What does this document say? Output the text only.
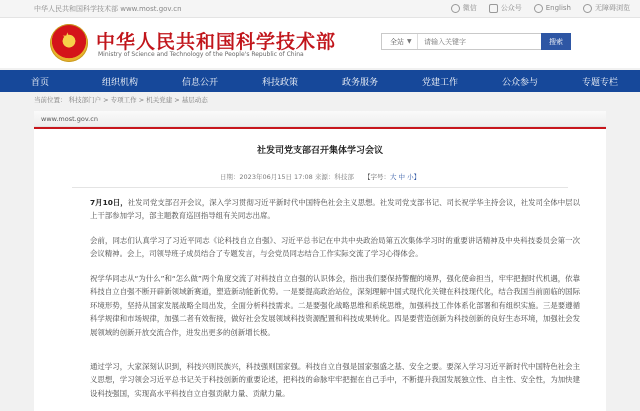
中华人民共和国科学技术部 www.most.gov.cn	微信	公众号	English	无障碍浏览
★
中华人民共和国科学技术部
Ministry of Science and Technology of the People's Republic of China
全站 ▼
请输入关键字	搜索
首页	组织机构	信息公开	科技政策	政务服务	党建工作	公众参与	专题专栏
当前位置： 科技部门户 > 专项工作 > 机关党建 > 基层动态
www.most.gov.cn
社发司党支部召开集体学习会议
日期：2023年06月15日 17:08 来源：科技部 【字号：大 中 小】
7月10日，社发司党支部召开会议，深入学习贯彻习近平新时代中国特色社会主义思想。社发司党支部书记、司长祝学华主持会议，社发司全体中层以上干部参加学习，部主题教育巡回指导组有关同志出席。
会前，同志们认真学习了习近平同志《论科技自立自强》、习近平总书记在中共中央政治局第五次集体学习时的重要讲话精神及中央科技委员会第一次会议精神。会上，司领导班子成员结合了专题发言，与会党员同志结合工作实际交流了学习心得体会。
祝学华同志从“为什么”和“怎么做”两个角度交流了对科技自立自强的认识体会，指出我们要保持警醒的境界，强化使命担当，牢牢把握时代机遇，依靠科技自立自强不断开辟新领域新赛道，塑造新动能新优势。一是要提高政治站位，深刻理解中国式现代化关键在科技现代化，结合我国当前面临的国际环境形势，坚持从国家发展战略全局出发，全面分析科技需求。二是要强化战略思维和系统思维，加强科技工作体系化部署和有组织实施。三是要遵循科学规律和市场规律，加强二者有效衔接，做好社会发展领域科技资源配置和科技成果转化。四是要营造创新为科技创新的良好生态环境，加强社会发展领域的创新开放交流合作，进发出更多的创新增长极。
通过学习，大家深刻认识到，科技兴则民族兴，科技强则国家强。科技自立自强是国家强盛之基、安全之要。要深入学习习近平新时代中国特色社会主义思想，学习领会习近平总书记关于科技创新的重要论述，把科技的命脉牢牢把握在自己手中，不断提升我国发展独立性、自主性、安全性，为加快建设科技强国，实现高水平科技自立自强贡献力量、贡献力量。
